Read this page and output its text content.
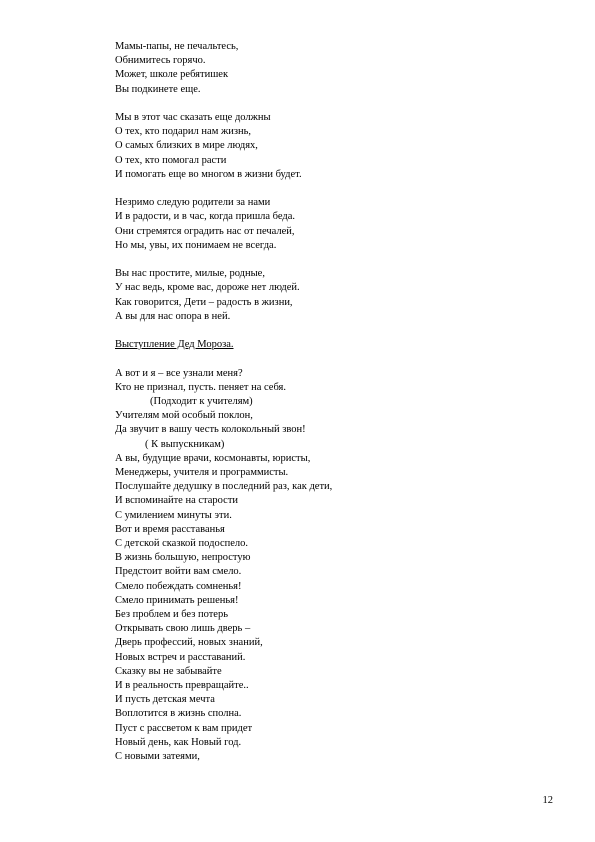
Мамы-папы, не печальтесь,
Обнимитесь горячо.
Может, школе ребятишек
Вы подкинете еще.
Мы в этот час сказать еще должны
О тех, кто подарил нам жизнь,
О самых близких в мире людях,
О тех, кто помогал расти
И помогать еще во многом в жизни будет.
Незримо следую родители за нами
И в радости, и в час, когда пришла беда.
Они стремятся оградить нас от печалей,
Но мы, увы, их понимаем не всегда.
Вы нас простите, милые, родные,
У нас ведь, кроме вас, дороже нет людей.
Как говорится, Дети – радость в жизни,
А вы для нас опора в ней.
Выступление Дед Мороза.
А вот и я – все узнали меня?
Кто не признал, пусть. пеняет на себя.
(Подходит к учителям)
Учителям мой особый поклон,
Да звучит в вашу честь колокольный звон!
( К выпускникам)
А вы, будущие врачи, космонавты, юристы,
Менеджеры, учителя и программисты.
Послушайте дедушку в последний раз, как дети,
И вспоминайте на старости
С умилением минуты эти.
Вот и время расставанья
С детской сказкой подоспело.
В жизнь большую, непростую
Предстоит войти вам смело.
Смело побеждать сомненья!
Смело принимать решенья!
Без проблем и без потерь
Открывать свою лишь дверь –
Дверь профессий, новых знаний,
Новых встреч и расставаний.
Сказку вы не забывайте
И в реальность превращайте..
И пусть детская мечта
Воплотится в жизнь сполна.
Пуст с рассветом к вам придет
Новый день, как Новый год.
С новыми затеями,
12
